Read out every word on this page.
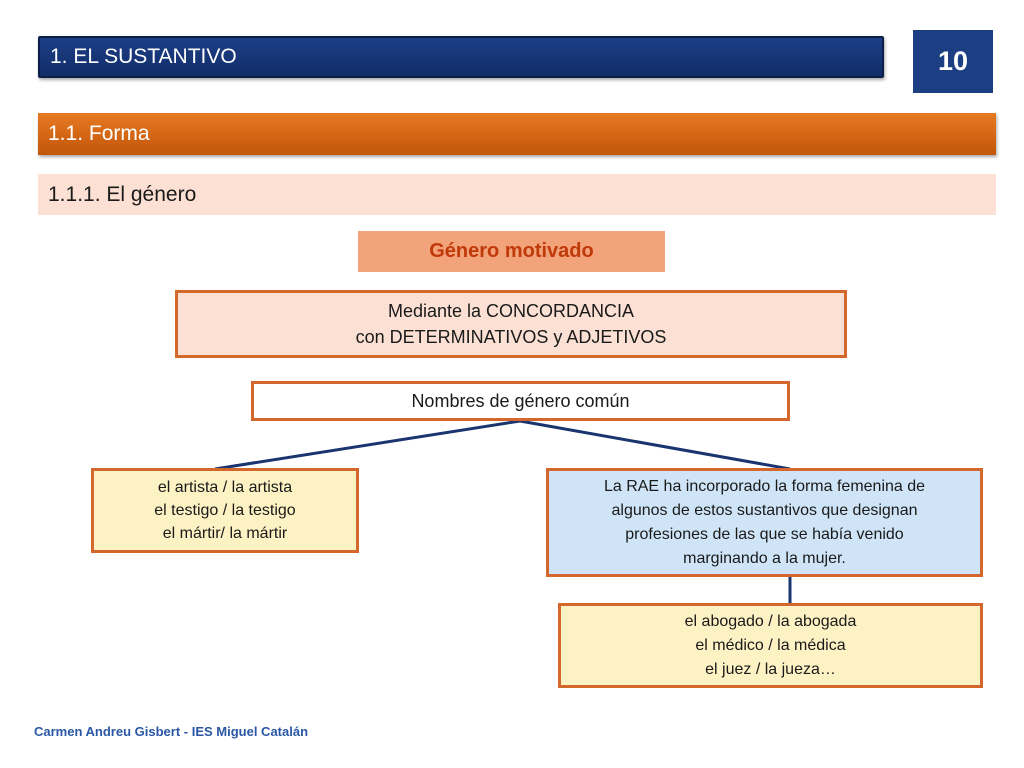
1. EL SUSTANTIVO	10
1.1. Forma
1.1.1. El género
Género motivado
Mediante la CONCORDANCIA
con DETERMINATIVOS y ADJETIVOS
Nombres de género común
el artista / la artista
el testigo / la testigo
el mártir/ la mártir
La RAE ha incorporado la forma femenina de
algunos de estos sustantivos que designan
profesiones de las que se había venido
marginando a la mujer.
el abogado / la abogada
el médico / la médica
el juez / la jueza…
Carmen Andreu Gisbert - IES Miguel Catalán
